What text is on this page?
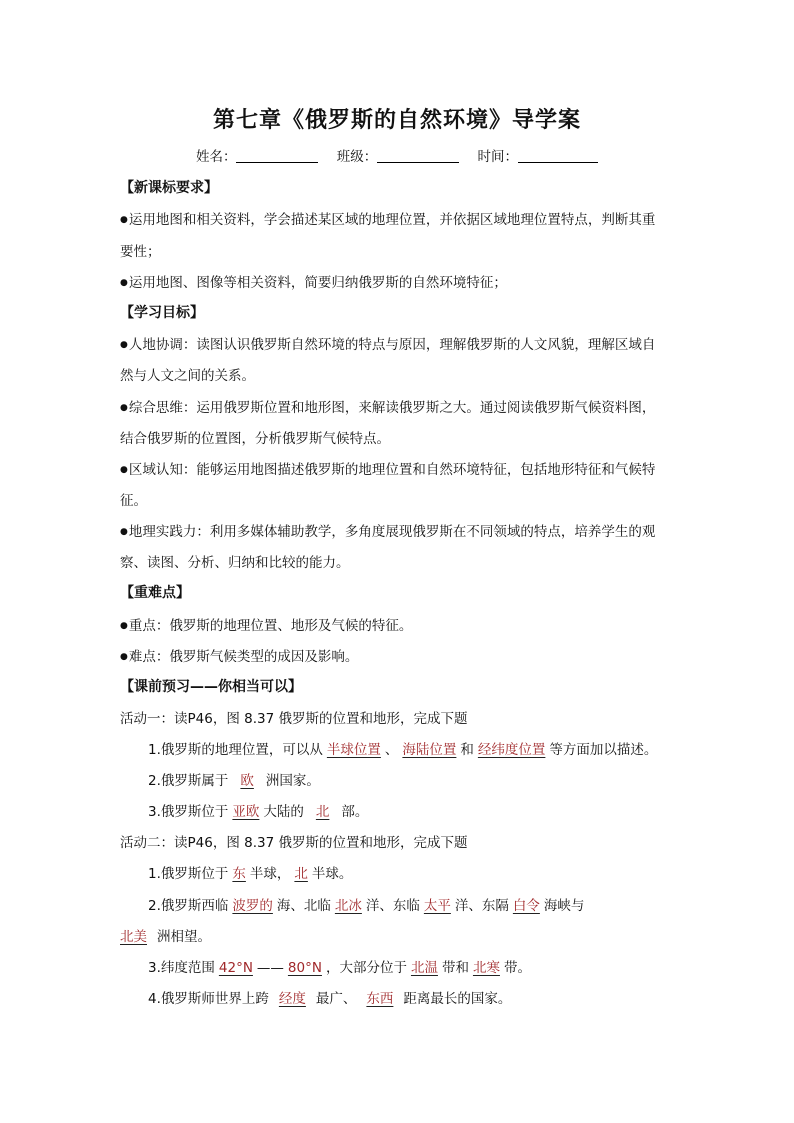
第七章《俄罗斯的自然环境》导学案
姓名：	班级：	时间：
【新课标要求】
●运用地图和相关资料，学会描述某区域的地理位置，并依据区域地理位置特点，判断其重
要性；
●运用地图、图像等相关资料，简要归纳俄罗斯的自然环境特征；
【学习目标】
●人地协调：读图认识俄罗斯自然环境的特点与原因，理解俄罗斯的人文风貌，理解区域自
然与人文之间的关系。
●综合思维：运用俄罗斯位置和地形图，来解读俄罗斯之大。通过阅读俄罗斯气候资料图，
结合俄罗斯的位置图，分析俄罗斯气候特点。
●区域认知：能够运用地图描述俄罗斯的地理位置和自然环境特征，包括地形特征和气候特
征。
●地理实践力：利用多媒体辅助教学，多角度展现俄罗斯在不同领域的特点，培养学生的观
察、读图、分析、归纳和比较的能力。
【重难点】
●重点：俄罗斯的地理位置、地形及气候的特征。
●难点：俄罗斯气候类型的成因及影响。
【课前预习——你相当可以】
活动一：读P46，图 8.37 俄罗斯的位置和地形，完成下题
1.俄罗斯的地理位置，可以从 半球位置 、 海陆位置 和 经纬度位置 等方面加以描述。
2.俄罗斯属于 欧 洲国家。
3.俄罗斯位于 亚欧 大陆的 北 部。
活动二：读P46，图 8.37 俄罗斯的位置和地形，完成下题
1.俄罗斯位于 东 半球， 北 半球。
2.俄罗斯西临 波罗的 海、北临 北冰 洋、东临 太平 洋、东隔 白令 海峡与
北美 洲相望。
3.纬度范围 42°N —— 80°N ，大部分位于 北温 带和 北寒 带。
4.俄罗斯师世界上跨 经度 最广、 东西 距离最长的国家。
